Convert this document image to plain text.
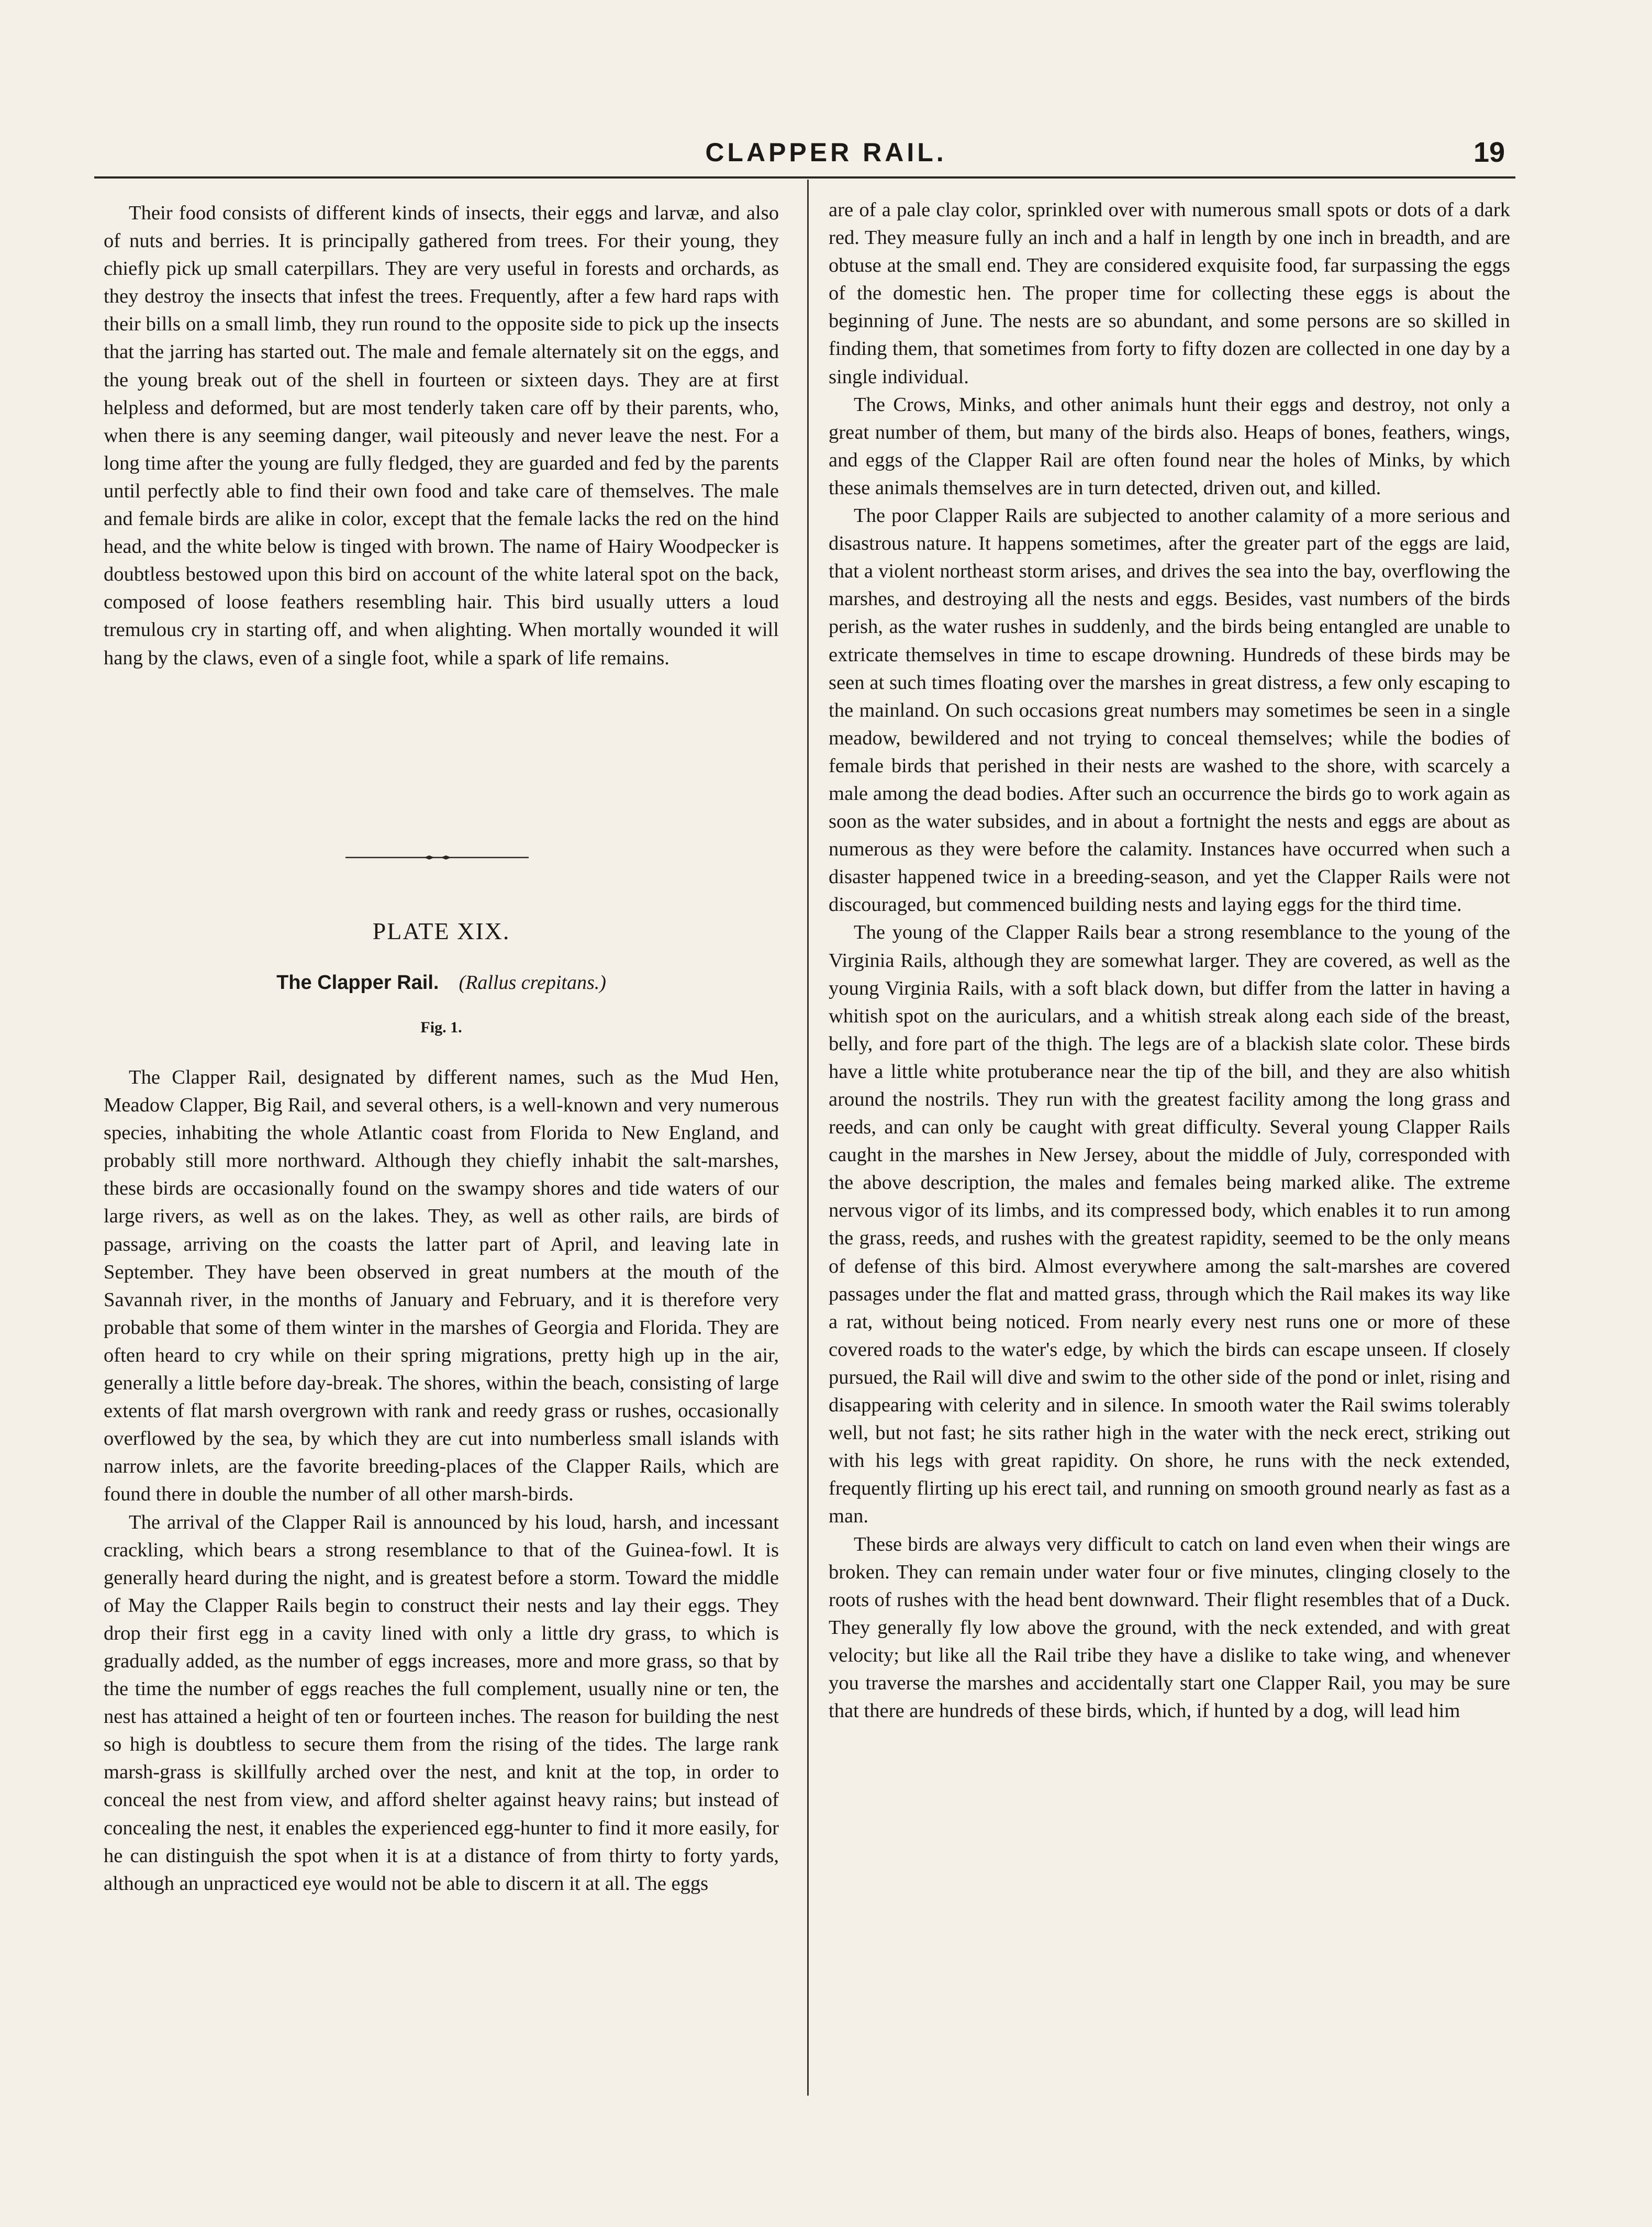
CLAPPER RAIL.	19

Their food consists of different kinds of insects, their eggs and larvæ, and also of nuts and berries. It is principally gathered from trees. For their young, they chiefly pick up small caterpillars. They are very useful in forests and orchards, as they destroy the insects that infest the trees. Frequently, after a few hard raps with their bills on a small limb, they run round to the opposite side to pick up the insects that the jarring has started out. The male and female alternately sit on the eggs, and the young break out of the shell in fourteen or sixteen days. They are at first helpless and deformed, but are most tenderly taken care off by their parents, who, when there is any seeming danger, wail piteously and never leave the nest. For a long time after the young are fully fledged, they are guarded and fed by the parents until perfectly able to find their own food and take care of themselves. The male and female birds are alike in color, except that the female lacks the red on the hind head, and the white below is tinged with brown. The name of Hairy Woodpecker is doubtless bestowed upon this bird on account of the white lateral spot on the back, composed of loose feathers resembling hair. This bird usually utters a loud tremulous cry in starting off, and when alighting. When mortally wounded it will hang by the claws, even of a single foot, while a spark of life remains.

PLATE XIX.
The Clapper Rail. (Rallus crepitans.)
Fig. 1.

The Clapper Rail, designated by different names, such as the Mud Hen, Meadow Clapper, Big Rail, and several others, is a well-known and very numerous species, inhabiting the whole Atlantic coast from Florida to New England, and probably still more northward. Although they chiefly inhabit the salt-marshes, these birds are occasionally found on the swampy shores and tide waters of our large rivers, as well as on the lakes. They, as well as other rails, are birds of passage, arriving on the coasts the latter part of April, and leaving late in September. They have been observed in great numbers at the mouth of the Savannah river, in the months of January and February, and it is therefore very probable that some of them winter in the marshes of Georgia and Florida. They are often heard to cry while on their spring migrations, pretty high up in the air, generally a little before day-break. The shores, within the beach, consisting of large extents of flat marsh overgrown with rank and reedy grass or rushes, occasionally overflowed by the sea, by which they are cut into numberless small islands with narrow inlets, are the favorite breeding-places of the Clapper Rails, which are found there in double the number of all other marsh-birds.

The arrival of the Clapper Rail is announced by his loud, harsh, and incessant crackling, which bears a strong resemblance to that of the Guinea-fowl. It is generally heard during the night, and is greatest before a storm. Toward the middle of May the Clapper Rails begin to construct their nests and lay their eggs. They drop their first egg in a cavity lined with only a little dry grass, to which is gradually added, as the number of eggs increases, more and more grass, so that by the time the number of eggs reaches the full complement, usually nine or ten, the nest has attained a height of ten or fourteen inches. The reason for building the nest so high is doubtless to secure them from the rising of the tides. The large rank marsh-grass is skillfully arched over the nest, and knit at the top, in order to conceal the nest from view, and afford shelter against heavy rains; but instead of concealing the nest, it enables the experienced egg-hunter to find it more easily, for he can distinguish the spot when it is at a distance of from thirty to forty yards, although an unpracticed eye would not be able to discern it at all. The eggs

are of a pale clay color, sprinkled over with numerous small spots or dots of a dark red. They measure fully an inch and a half in length by one inch in breadth, and are obtuse at the small end. They are considered exquisite food, far surpassing the eggs of the domestic hen. The proper time for collecting these eggs is about the beginning of June. The nests are so abundant, and some persons are so skilled in finding them, that sometimes from forty to fifty dozen are collected in one day by a single individual.

The Crows, Minks, and other animals hunt their eggs and destroy, not only a great number of them, but many of the birds also. Heaps of bones, feathers, wings, and eggs of the Clapper Rail are often found near the holes of Minks, by which these animals themselves are in turn detected, driven out, and killed.

The poor Clapper Rails are subjected to another calamity of a more serious and disastrous nature. It happens sometimes, after the greater part of the eggs are laid, that a violent northeast storm arises, and drives the sea into the bay, overflowing the marshes, and destroying all the nests and eggs. Besides, vast numbers of the birds perish, as the water rushes in suddenly, and the birds being entangled are unable to extricate themselves in time to escape drowning. Hundreds of these birds may be seen at such times floating over the marshes in great distress, a few only escaping to the mainland. On such occasions great numbers may sometimes be seen in a single meadow, bewildered and not trying to conceal themselves; while the bodies of female birds that perished in their nests are washed to the shore, with scarcely a male among the dead bodies. After such an occurrence the birds go to work again as soon as the water subsides, and in about a fortnight the nests and eggs are about as numerous as they were before the calamity. Instances have occurred when such a disaster happened twice in a breeding-season, and yet the Clapper Rails were not discouraged, but commenced building nests and laying eggs for the third time.

The young of the Clapper Rails bear a strong resemblance to the young of the Virginia Rails, although they are somewhat larger. They are covered, as well as the young Virginia Rails, with a soft black down, but differ from the latter in having a whitish spot on the auriculars, and a whitish streak along each side of the breast, belly, and fore part of the thigh. The legs are of a blackish slate color. These birds have a little white protuberance near the tip of the bill, and they are also whitish around the nostrils. They run with the greatest facility among the long grass and reeds, and can only be caught with great difficulty. Several young Clapper Rails caught in the marshes in New Jersey, about the middle of July, corresponded with the above description, the males and females being marked alike. The extreme nervous vigor of its limbs, and its compressed body, which enables it to run among the grass, reeds, and rushes with the greatest rapidity, seemed to be the only means of defense of this bird. Almost everywhere among the salt-marshes are covered passages under the flat and matted grass, through which the Rail makes its way like a rat, without being noticed. From nearly every nest runs one or more of these covered roads to the water's edge, by which the birds can escape unseen. If closely pursued, the Rail will dive and swim to the other side of the pond or inlet, rising and disappearing with celerity and in silence. In smooth water the Rail swims tolerably well, but not fast; he sits rather high in the water with the neck erect, striking out with his legs with great rapidity. On shore, he runs with the neck extended, frequently flirting up his erect tail, and running on smooth ground nearly as fast as a man.

These birds are always very difficult to catch on land even when their wings are broken. They can remain under water four or five minutes, clinging closely to the roots of rushes with the head bent downward. Their flight resembles that of a Duck. They generally fly low above the ground, with the neck extended, and with great velocity; but like all the Rail tribe they have a dislike to take wing, and whenever you traverse the marshes and accidentally start one Clapper Rail, you may be sure that there are hundreds of these birds, which, if hunted by a dog, will lead him
